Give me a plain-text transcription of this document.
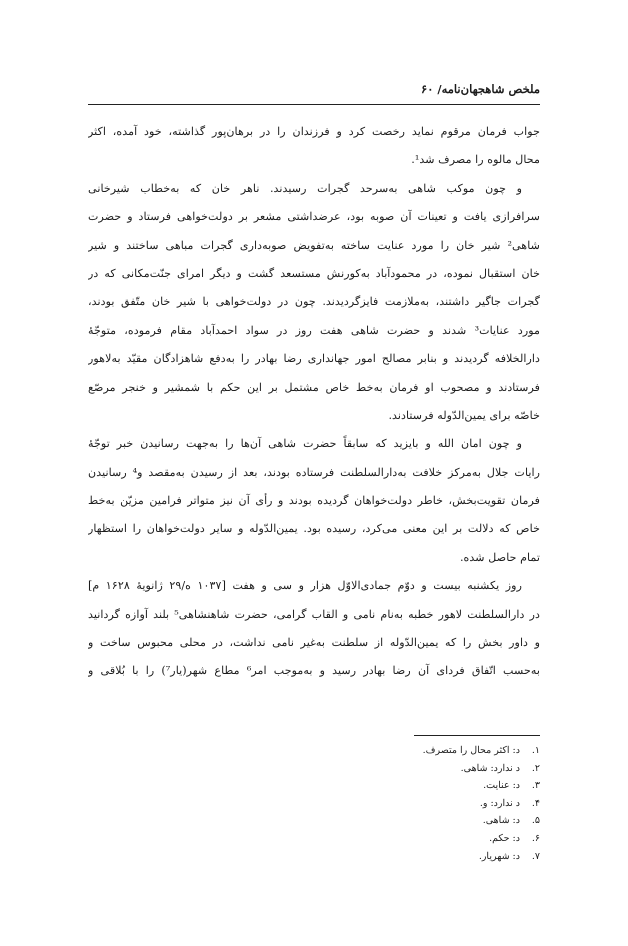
ملخص شاهجهان‌نامه/ ۶۰
جواب فرمان مرقوم نماید رخصت کرد و فرزندان را در برهان‌پور گذاشته، خود آمده، اکثر
محال مالوه را مصرف شد¹.
و چون موکب شاهی به‌سرحد گجرات رسیدند. ناهر خان که به‌خطاب شیرخانی
سرافرازی یافت و تعینات آن صوبه بود، عرضداشتی مشعر بر دولت‌خواهی فرستاد و حضرت
شاهی² شیر خان را مورد عنایت ساخته به‌تفویض صوبه‌داری گجرات مباهی ساختند و شیر
خان استقبال نموده، در محمودآباد به‌کورنش مستسعد گشت و دیگر امرای جنّت‌مکانی که در
گجرات جاگیر داشتند، به‌ملازمت فایزگردیدند. چون در دولت‌خواهی با شیر خان متّفق بودند،
مورد عنایات³ شدند و حضرت شاهی هفت روز در سواد احمدآباد مقام فرموده، متوجّهٔ
دارالخلافه گردیدند و بنابر مصالح امور جهانداری رضا بهادر را به‌دفع شاهزادگان مقیّد به‌لاهور
فرستادند و مصحوب او فرمان به‌خط خاص مشتمل بر این حکم با شمشیر و خنجر مرصّع
خاصّه برای یمین‌الدّوله فرستادند.
و چون امان الله و بایزید که سابقاً حضرت شاهی آن‌ها را به‌جهت رسانیدن خبر توجّهٔ
رایات جلال به‌مرکز خلافت به‌دارالسلطنت فرستاده بودند، بعد از رسیدن به‌مقصد و⁴ رسانیدن
فرمان تقویت‌بخش، خاطر دولت‌خواهان گردیده بودند و رأی آن نیز متواتر فرامین مزیّن به‌خط
خاص که دلالت بر این معنی می‌کرد، رسیده بود. یمین‌الدّوله و سایر دولت‌خواهان را استظهار
تمام حاصل شده.
روز یکشنبه بیست و دوّم جمادی‌الاوّل هزار و سی و هفت [۱۰۳۷ ه/۲۹ ژانویهٔ ۱۶۲۸ م]
در دارالسلطنت لاهور خطبه به‌نام نامی و القاب گرامی، حضرت شاهنشاهی⁵ بلند آوازه گردانید
و داور بخش را که یمین‌الدّوله از سلطنت به‌غیر نامی نداشت، در محلی محبوس ساخت و
به‌حسب اتّفاق فردای آن رضا بهادر رسید و به‌موجب امر⁶ مطاع شهر(یار⁷) را با بُلاقی و
۱.د: اکثر محال را متصرف.
۲.د ندارد: شاهی.
۳.د: عنایت.
۴.د ندارد: و.
۵.د: شاهی.
۶.د: حکم.
۷.د: شهریار.
